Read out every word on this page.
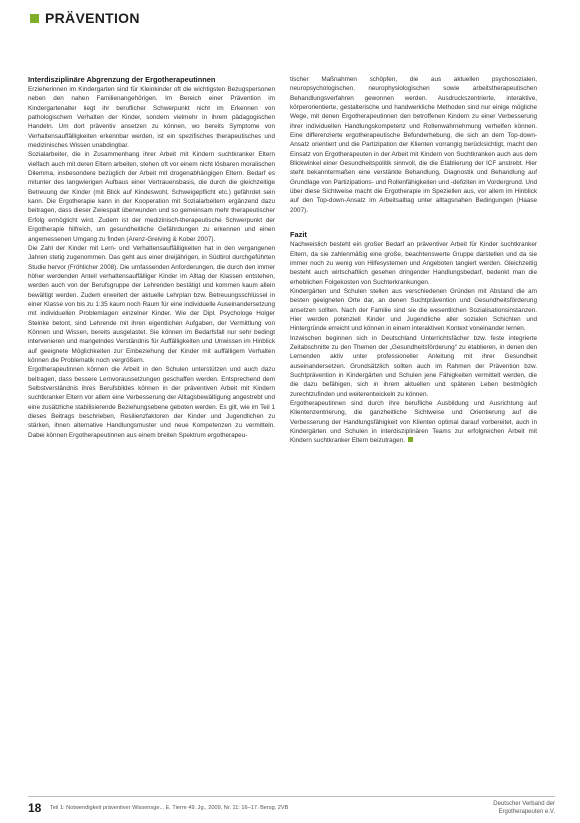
PRÄVENTION
Interdisziplinäre Abgrenzung der Ergotherapeutinnen

Erzieherinnen im Kindergarten sind für Kleinkinder oft die wichtigsten Bezugspersonen neben den nahen Familienangehörigen. Im Bereich einer Prävention im Kindergartenalter liegt ihr beruflicher Schwerpunkt nicht im Erkennen von pathologischem Verhalten der Kinder, sondern vielmehr in ihrem pädagogischen Handeln. Um dort präventiv ansetzen zu können, wo bereits Symptome von Verhaltensauffälligkeiten erkennbar werden, ist ein spezifisches therapeutisches und medizinisches Wissen unabdingbar.

Sozialarbeiter, die in Zusammenhang ihrer Arbeit mit Kindern suchtkranker Eltern vielfach auch mit deren Eltern arbeiten, stehen oft vor einem nicht lösbaren moralischen Dilemma, insbesondere bezüglich der Arbeit mit drogenabhängigen Eltern. Bedarf es mitunter des langwierigen Aufbaus einer Vertrauensbasis, die durch die gleichzeitige Betreuung der Kinder (mit Blick auf Kindeswohl, Schweigepflicht etc.) gefährdet sein kann. Die Ergotherapie kann in der Kooperation mit Sozialarbeitern ergänzend dazu beitragen, dass dieser Zwiespalt überwunden und so gemeinsam mehr therapeutischer Erfolg ermöglicht wird. Zudem ist der medizinisch-therapeutische Schwerpunkt der Ergotherapie hilfreich, um gesundheitliche Gefährdungen zu erkennen und einen angemessenen Umgang zu finden (Arenz-Greiving & Kober 2007).

Die Zahl der Kinder mit Lern- und Verhaltensauffälligkeiten hat in den vergangenen Jahren stetig zugenommen. Das geht aus einer dreijährigen, in Südtirol durchgeführten Studie hervor (Fröhlicher 2008). Die umfassenden Anforderungen, die durch den immer höher werdenden Anteil verhaltensauffälliger Kinder im Alltag der Klassen entstehen, werden auch von der Berufsgruppe der Lehrenden bestätigt und kommen kaum allein bewältigt werden. Zudem erweitert der aktuelle Lehrplan bzw. Betreuungsschlüssel in einer Klasse von bis zu 1:35 kaum noch Raum für eine individuelle Auseinandersetzung mit individuellen Problemlagen einzelner Kinder. Wie der Dipl. Psychologe Holger Steinke betont, sind Lehrende mit ihren eigentlichen Aufgaben, der Vermittlung von Können und Wissen, bereits ausgelastet. Sie können im Bedarfsfall nur sehr bedingt intervenieren und mangelndes Verständnis für Auffälligkeiten und Unwissen im Hinblick auf geeignete Möglichkeiten zur Einbeziehung der Kinder mit auffälligem Verhalten können die Problematik noch vergrößern.

Ergotherapeutinnen können die Arbeit in den Schulen unterstützen und auch dazu beitragen, dass bessere Lernvoraussetzungen geschaffen werden. Entsprechend dem Selbstverständnis ihres Berufsbildes können in der präventiven Arbeit mit Kindern suchtkranker Eltern vor allem eine Verbesserung der Alltagsbewältigung angestrebt und eine zusätzliche stabilisierende Beziehungsebene geboten werden. Es gilt, wie im Teil 1 dieses Beitrags beschrieben, Resilienzfaktoren der Kinder und Jugendlichen zu stärken, ihnen alternative Handlungsmuster und neue Kompetenzen zu vermitteln. Dabei können Ergotherapeutinnen aus einem breiten Spektrum ergotherapeu-

tischer Maßnahmen schöpfen, die aus aktuellen psychosozialen, neuropsychologischen, neurophysiologischen sowie arbeitstherapeutischen Behandlungsverfahren gewonnen werden. Ausdruckszentrierte, interaktive, körperorientierte, gestalterische und handwerkliche Methoden sind nur einige mögliche Wege, mit denen Ergotherapeutinnen den betroffenen Kindern zu einer Verbesserung ihrer individuellen Handlungskompetenz und Rollenwahrnehmung verhelfen können. Eine differenzierte ergotherapeutische Befunderhebung, die sich an dem Top-down-Ansatz orientiert und die Partizipation der Klienten vorrangig berücksichtigt, macht den Einsatz von Ergotherapeuten in der Arbeit mit Kindern von Suchtkranken auch aus dem Blickwinkel einer Gesundheitspolitik sinnvoll, die die Etablierung der ICF anstrebt. Hier steht bekanntermaßen eine verstärkte Behandlung, Diagnostik und Behandlung auf Grundlage von Partizipations- und Rollenfähigkeiten und -defiziten im Vordergrund. Und über diese Sichtweise macht die Ergotherapie im Speziellen aus, vor allem im Hinblick auf den Top-down-Ansatz im Arbeitsalltag unter alltagsnahen Bedingungen (Haase 2007).

Fazit

Nachweislich besteht ein großer Bedarf an präventiver Arbeit für Kinder suchtkranker Eltern, da sie zahlenmäßig eine große, beachtenswerte Gruppe darstellen und da sie immer noch zu wenig von Hilfesystemen und Angeboten tangiert werden. Gleichzeitig besteht auch wirtschaftlich gesehen dringender Handlungsbedarf, bedenkt man die erheblichen Folgekosten von Suchterkrankungen.

Kindergärten und Schulen stellen aus verschiedenen Gründen mit Abstand die am besten geeigneten Orte dar, an denen Suchtprävention und Gesundheitsförderung ansetzen sollten. Nach der Familie sind sie die wesentlichen Sozialisationsinstanzen. Hier werden potenziell Kinder und Jugendliche aller sozialen Schichten und Hintergründe erreicht und können in einem interaktiven Kontext voneinander lernen.

Inzwischen beginnen sich in Deutschland Unterrichtsfächer bzw. feste integrierte Zeitabschnitte zu den Themen der „Gesundheitsförderung“ zu etablieren, in denen den Lernenden aktiv unter professioneller Anleitung mit ihrer Gesundheit auseinandersetzen. Grundsätzlich sollten auch im Rahmen der Prävention bzw. Suchtprävention in Kindergärten und Schulen jene Fähigkeiten vermittelt werden, die die dazu befähigen, sich in ihrem aktuellen und späteren Leben bestmöglich zurechtzufinden und weiterentwickeln zu können.

Ergotherapeutinnen sind durch ihre berufliche Ausbildung und Ausrichtung auf Klientenzentrierung, die ganzheitliche Sichtweise und Orientierung auf die Verbesserung der Handlungsfähigkeit von Klienten optimal darauf vorbereitet, auch in Kindergärten und Schulen in interdisziplinären Teams zur erfolgreichen Arbeit mit Kindern suchtkranker Eltern beizutragen.

18 Teil 1: Notwendigkeit präventiver Wissensge... E. Tierre 49. Jg., 2009, Nr. 11: 16–17. Bersg. 2VB
Deutscher Verband der
Ergotherapeuten e.V.
